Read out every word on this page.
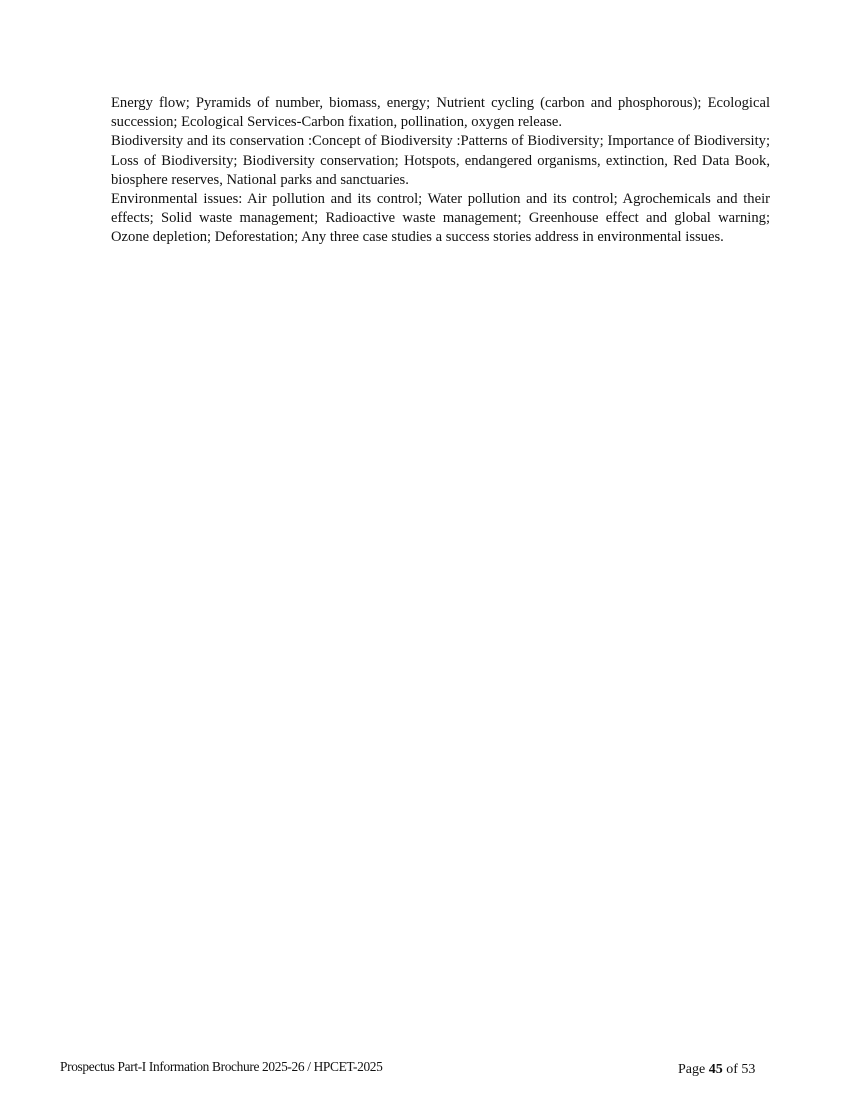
Energy flow; Pyramids of number, biomass, energy; Nutrient cycling (carbon and phosphorous); Ecological succession; Ecological Services-Carbon fixation, pollination, oxygen release.

Biodiversity and its conservation :Concept of Biodiversity :Patterns of Biodiversity; Importance of Biodiversity; Loss of Biodiversity; Biodiversity conservation; Hotspots, endangered organisms, extinction, Red Data Book, biosphere reserves, National parks and sanctuaries.

Environmental issues: Air pollution and its control; Water pollution and its control; Agrochemicals and their effects; Solid waste management; Radioactive waste management; Greenhouse effect and global warning; Ozone depletion; Deforestation; Any three case studies a success stories address in environmental issues.

Prospectus Part-I Information Brochure 2025-26 / HPCET-2025	Page 45 of 53
